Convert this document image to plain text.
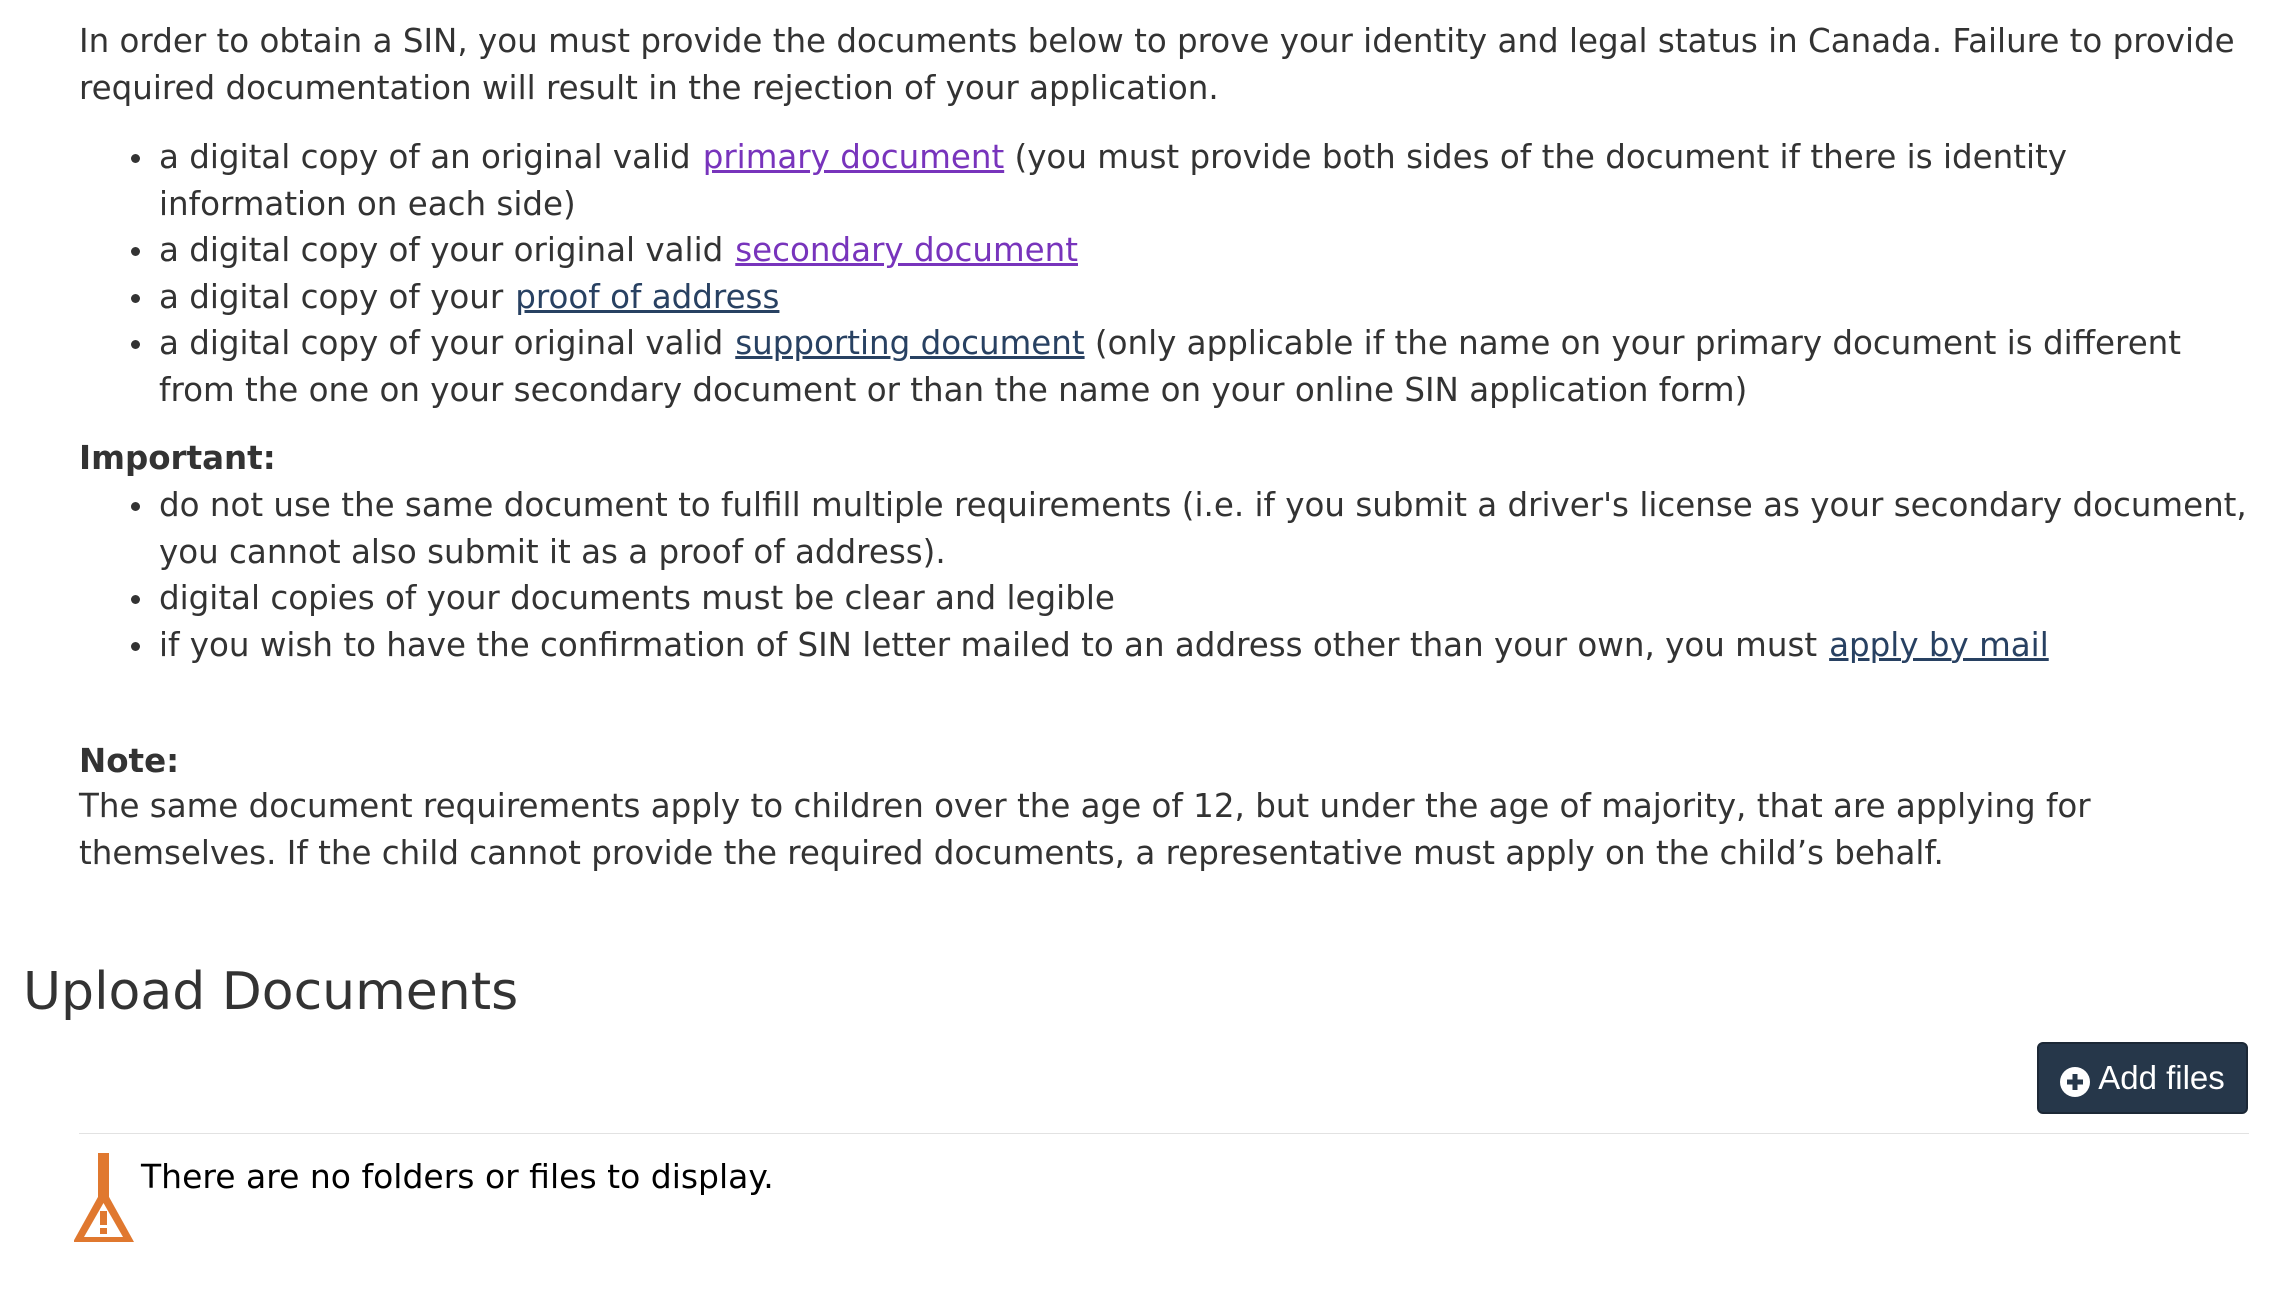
In order to obtain a SIN, you must provide the documents below to prove your identity and legal status in Canada. Failure to provide required documentation will result in the rejection of your application.

a digital copy of an original valid primary document (you must provide both sides of the document if there is identity information on each side)
a digital copy of your original valid secondary document
a digital copy of your proof of address
a digital copy of your original valid supporting document (only applicable if the name on your primary document is different from the one on your secondary document or than the name on your online SIN application form)
Important:
do not use the same document to fulfill multiple requirements (i.e. if you submit a driver's license as your secondary document, you cannot also submit it as a proof of address).
digital copies of your documents must be clear and legible
if you wish to have the confirmation of SIN letter mailed to an address other than your own, you must apply by mail
Note:

The same document requirements apply to children over the age of 12, but under the age of majority, that are applying for themselves. If the child cannot provide the required documents, a representative must apply on the child’s behalf.

Upload Documents
Add files
There are no folders or files to display.
